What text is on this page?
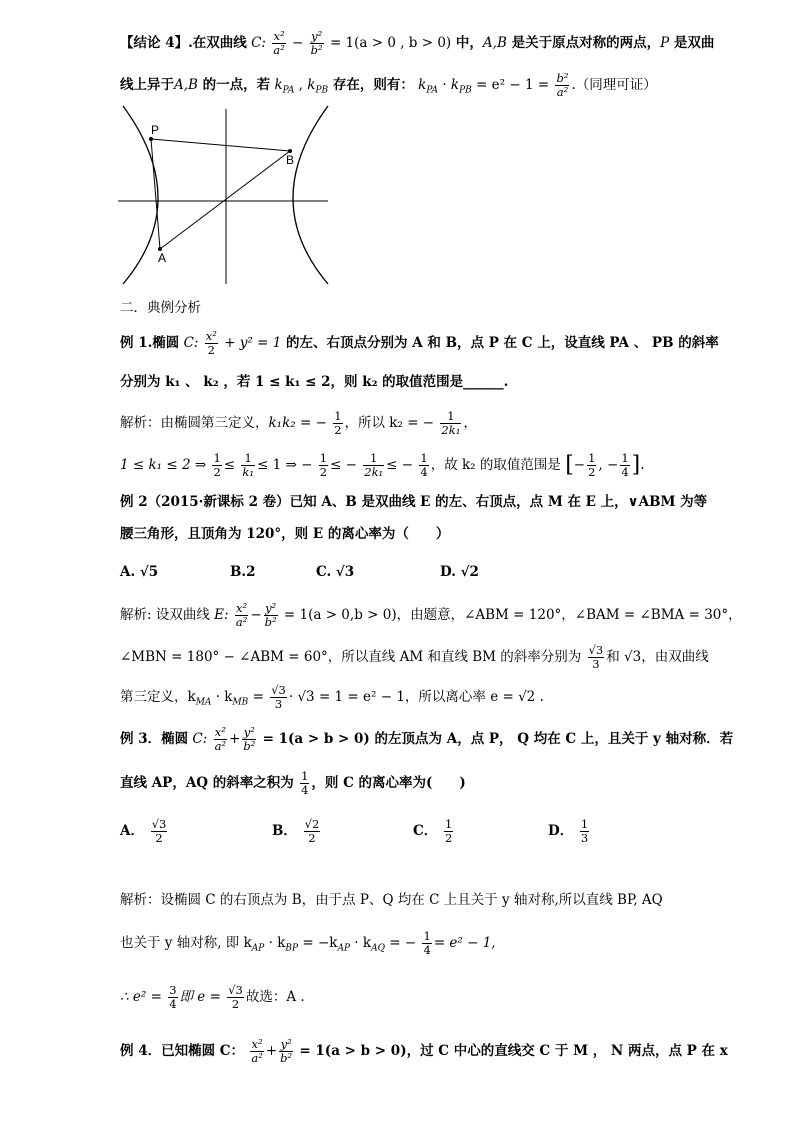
【结论 4】.在双曲线 C: $\frac{\text{x²}}{\text{a²}} - \frac{\text{y²}}{\text{b²}} = 1(a > 0$ , b > 0) 中，A,B 是关于原点对称的两点，P 是双曲
线上异于A,B 的一点，若 $k_{PA}$ , $k_{PB}$ 存在，则有： $k_{PA} \cdot k_{PB} = e^2 - 1 = \frac{\text{b²}}{\text{a²}}$ .（同理可证）
P
B
A
二．典例分析
例 1.椭圆 C: $\frac{\text{x²}}{2} + y^2 = 1$ 的左、右顶点分别为 A 和 B，点 P 在 C 上，设直线 PA 、 PB 的斜率
分别为 k₁ 、 k₂ ，若 1 ≤ k₁ ≤ 2，则 k₂ 的取值范围是______.
解析：由椭圆第三定义，k₁k₂ = − $\frac{1}{2}$ ，所以 k₂ = − $\frac{1}{\text{2k₁}}$ ，
1 ≤ k₁ ≤ 2 ⇒ $\frac{1}{2} \le \frac{1}{\text{k₁}} \le 1$ ⇒ − $\frac{1}{2}$ ≤ − $\frac{1}{\text{2k₁}}$ ≤ − $\frac{1}{4}$ ，故 k₂ 的取值范围是 [− $\frac{1}{2}$ , − $\frac{1}{4}$ ].
例 2（2015·新课标 2 卷）已知 A、B 是双曲线 E 的左、右顶点，点 M 在 E 上，∨ABM 为等
腰三角形，且顶角为 120°，则 E 的离心率为（　　）
A. √5	B.2	C. √3	D. √2
解析: 设双曲线 E: $\frac{\text{x²}}{\text{a²}} - \frac{\text{y²}}{\text{b²}} = 1(a > 0,b > 0)$，由题意，∠ABM = 120°，∠BAM = ∠BMA = 30°，
∠MBN = 180° − ∠ABM = 60°，所以直线 AM 和直线 BM 的斜率分别为 $\frac{√3}{3}$ 和 √3，由双曲线
第三定义，$k_{MA} \cdot k_{MB} = \frac{√3}{3} \cdot √3 = 1 = e^2 - 1$，所以离心率 e = √2 .
例 3．椭圆 C: $\frac{\text{x²}}{\text{a²}} + \frac{\text{y²}}{\text{b²}} = 1(a > b > 0)$ 的左顶点为 A，点 P， Q 均在 C 上，且关于 y 轴对称．若
直线 AP，AQ 的斜率之积为 $\frac{1}{4}$ ，则 C 的离心率为(　　)
A． $\frac{√3}{2}$	B． $\frac{√2}{2}$	C． $\frac{1}{2}$	D． $\frac{1}{3}$
解析：设椭圆 C 的右顶点为 B，由于点 P、Q 均在 C 上且关于 y 轴对称,所以直线 BP, AQ
也关于 y 轴对称, 即 $k_{AP} \cdot k_{BP} = -k_{AP} \cdot k_{AQ}$ = − $\frac{1}{4} = e^2 - 1$,
∴ $e^2 = \frac{3}{4}$ 即 $e = \frac{√3}{2}$ 故选：A .
例 4．已知椭圆 C： $\frac{\text{x²}}{\text{a²}} + \frac{\text{y²}}{\text{b²}} = 1(a > b > 0)$，过 C 中心的直线交 C 于 M ， N 两点，点 P 在 x
